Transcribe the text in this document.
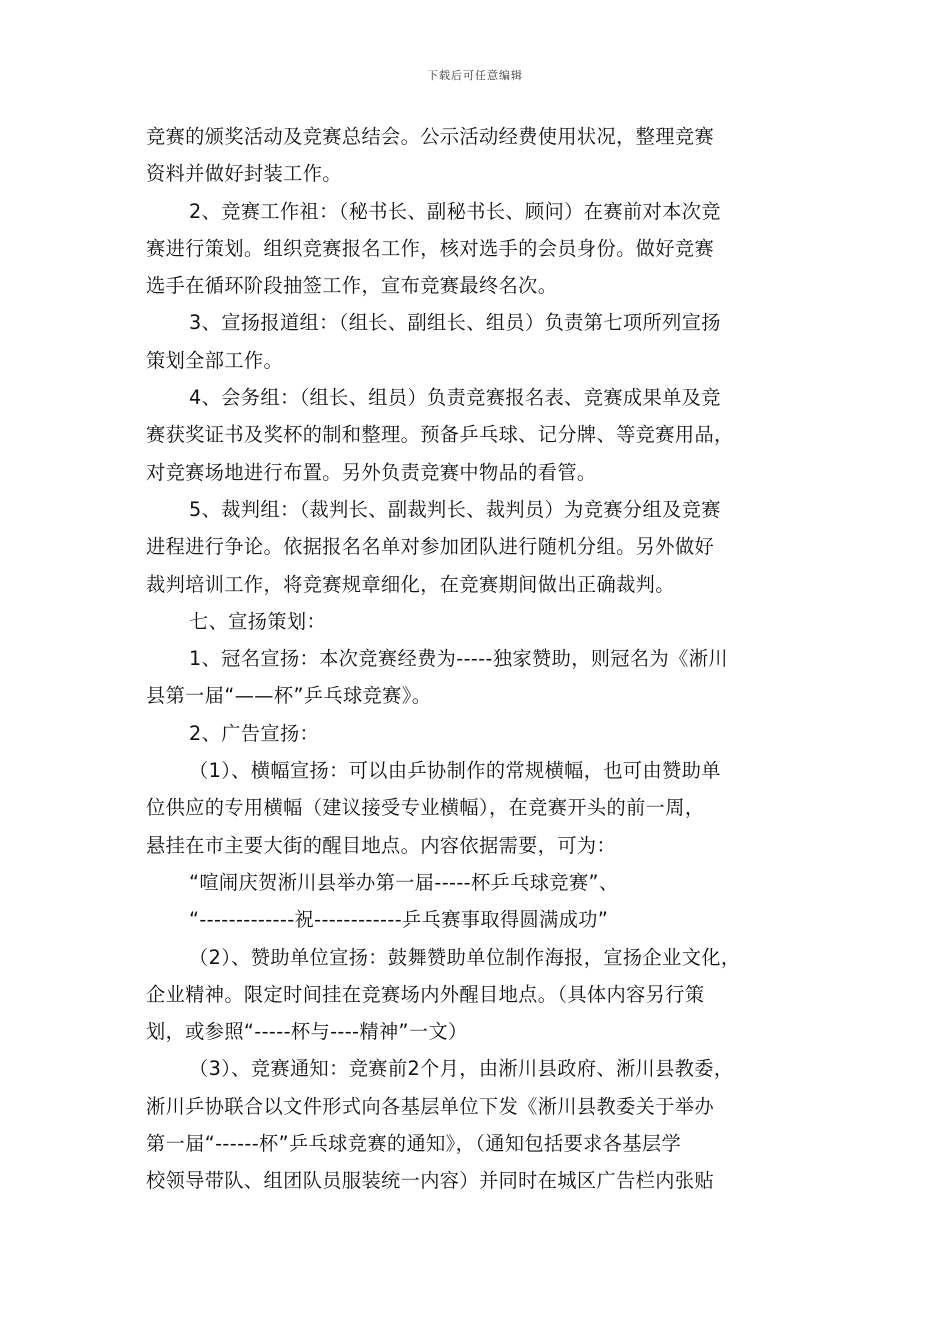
下载后可任意编辑
竞赛的颁奖活动及竞赛总结会。公示活动经费使用状况，整理竞赛
资料并做好封装工作。
2、竞赛工作祖：（秘书长、副秘书长、顾问）在赛前对本次竞
赛进行策划。组织竞赛报名工作，核对选手的会员身份。做好竞赛
选手在循环阶段抽签工作，宣布竞赛最终名次。
3、宣扬报道组：（组长、副组长、组员）负责第七项所列宣扬
策划全部工作。
4、会务组：（组长、组员）负责竞赛报名表、竞赛成果单及竞
赛获奖证书及奖杯的制和整理。预备乒乓球、记分牌、等竞赛用品，
对竞赛场地进行布置。另外负责竞赛中物品的看管。
5、裁判组：（裁判长、副裁判长、裁判员）为竞赛分组及竞赛
进程进行争论。依据报名名单对参加团队进行随机分组。另外做好
裁判培训工作，将竞赛规章细化，在竞赛期间做出正确裁判。
七、宣扬策划：
1、冠名宣扬：本次竞赛经费为-----独家赞助，则冠名为《淅川
县第一届“——杯”乒乓球竞赛》。
2、广告宣扬：
（1）、横幅宣扬：可以由乒协制作的常规横幅，也可由赞助单
位供应的专用横幅（建议接受专业横幅），在竞赛开头的前一周，
悬挂在市主要大街的醒目地点。内容依据需要，可为：
“喧闹庆贺淅川县举办第一届-----杯乒乓球竞赛”、
“-------------祝------------乒乓赛事取得圆满成功”
（2）、赞助单位宣扬：鼓舞赞助单位制作海报，宣扬企业文化，
企业精神。限定时间挂在竞赛场内外醒目地点。（具体内容另行策
划，或参照“-----杯与----精神”一文）
（3）、竞赛通知：竞赛前2个月，由淅川县政府、淅川县教委，
淅川乒协联合以文件形式向各基层单位下发《淅川县教委关于举办
第一届“------杯”乒乓球竞赛的通知》，（通知包括要求各基层学
校领导带队、组团队员服装统一内容）并同时在城区广告栏内张贴
